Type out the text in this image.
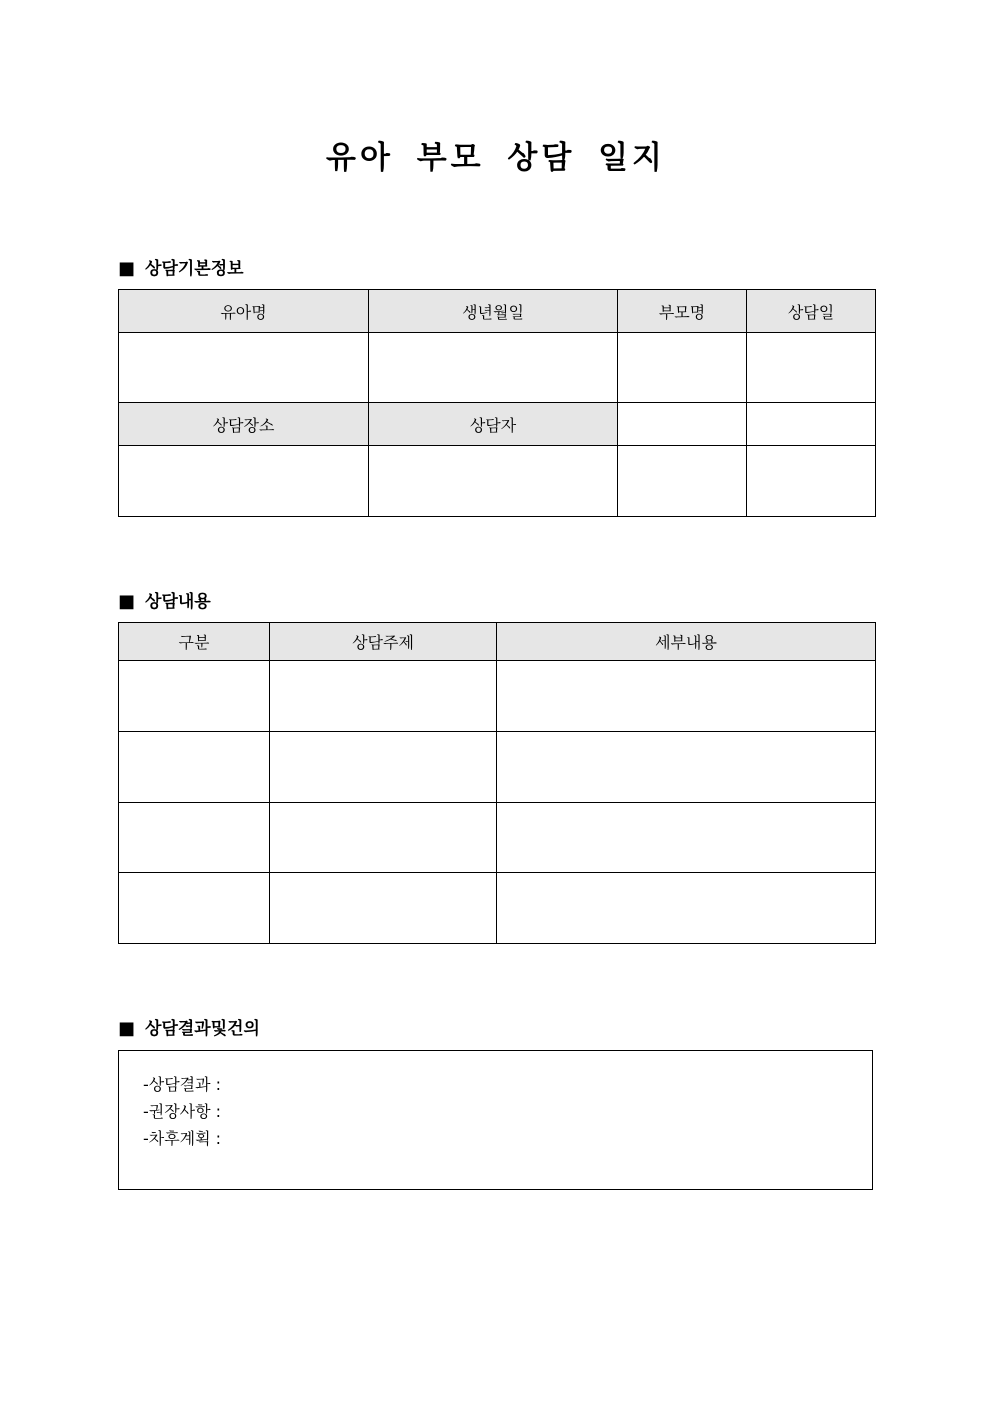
유아 부모 상담 일지
■ 상담기본정보
유아명	생년월일	부모명	상담일

상담장소	상담자		

■ 상담내용
구분	상담주제	세부내용

■ 상담결과및건의
-상담결과 :
-권장사항 :
-차후계획 :
